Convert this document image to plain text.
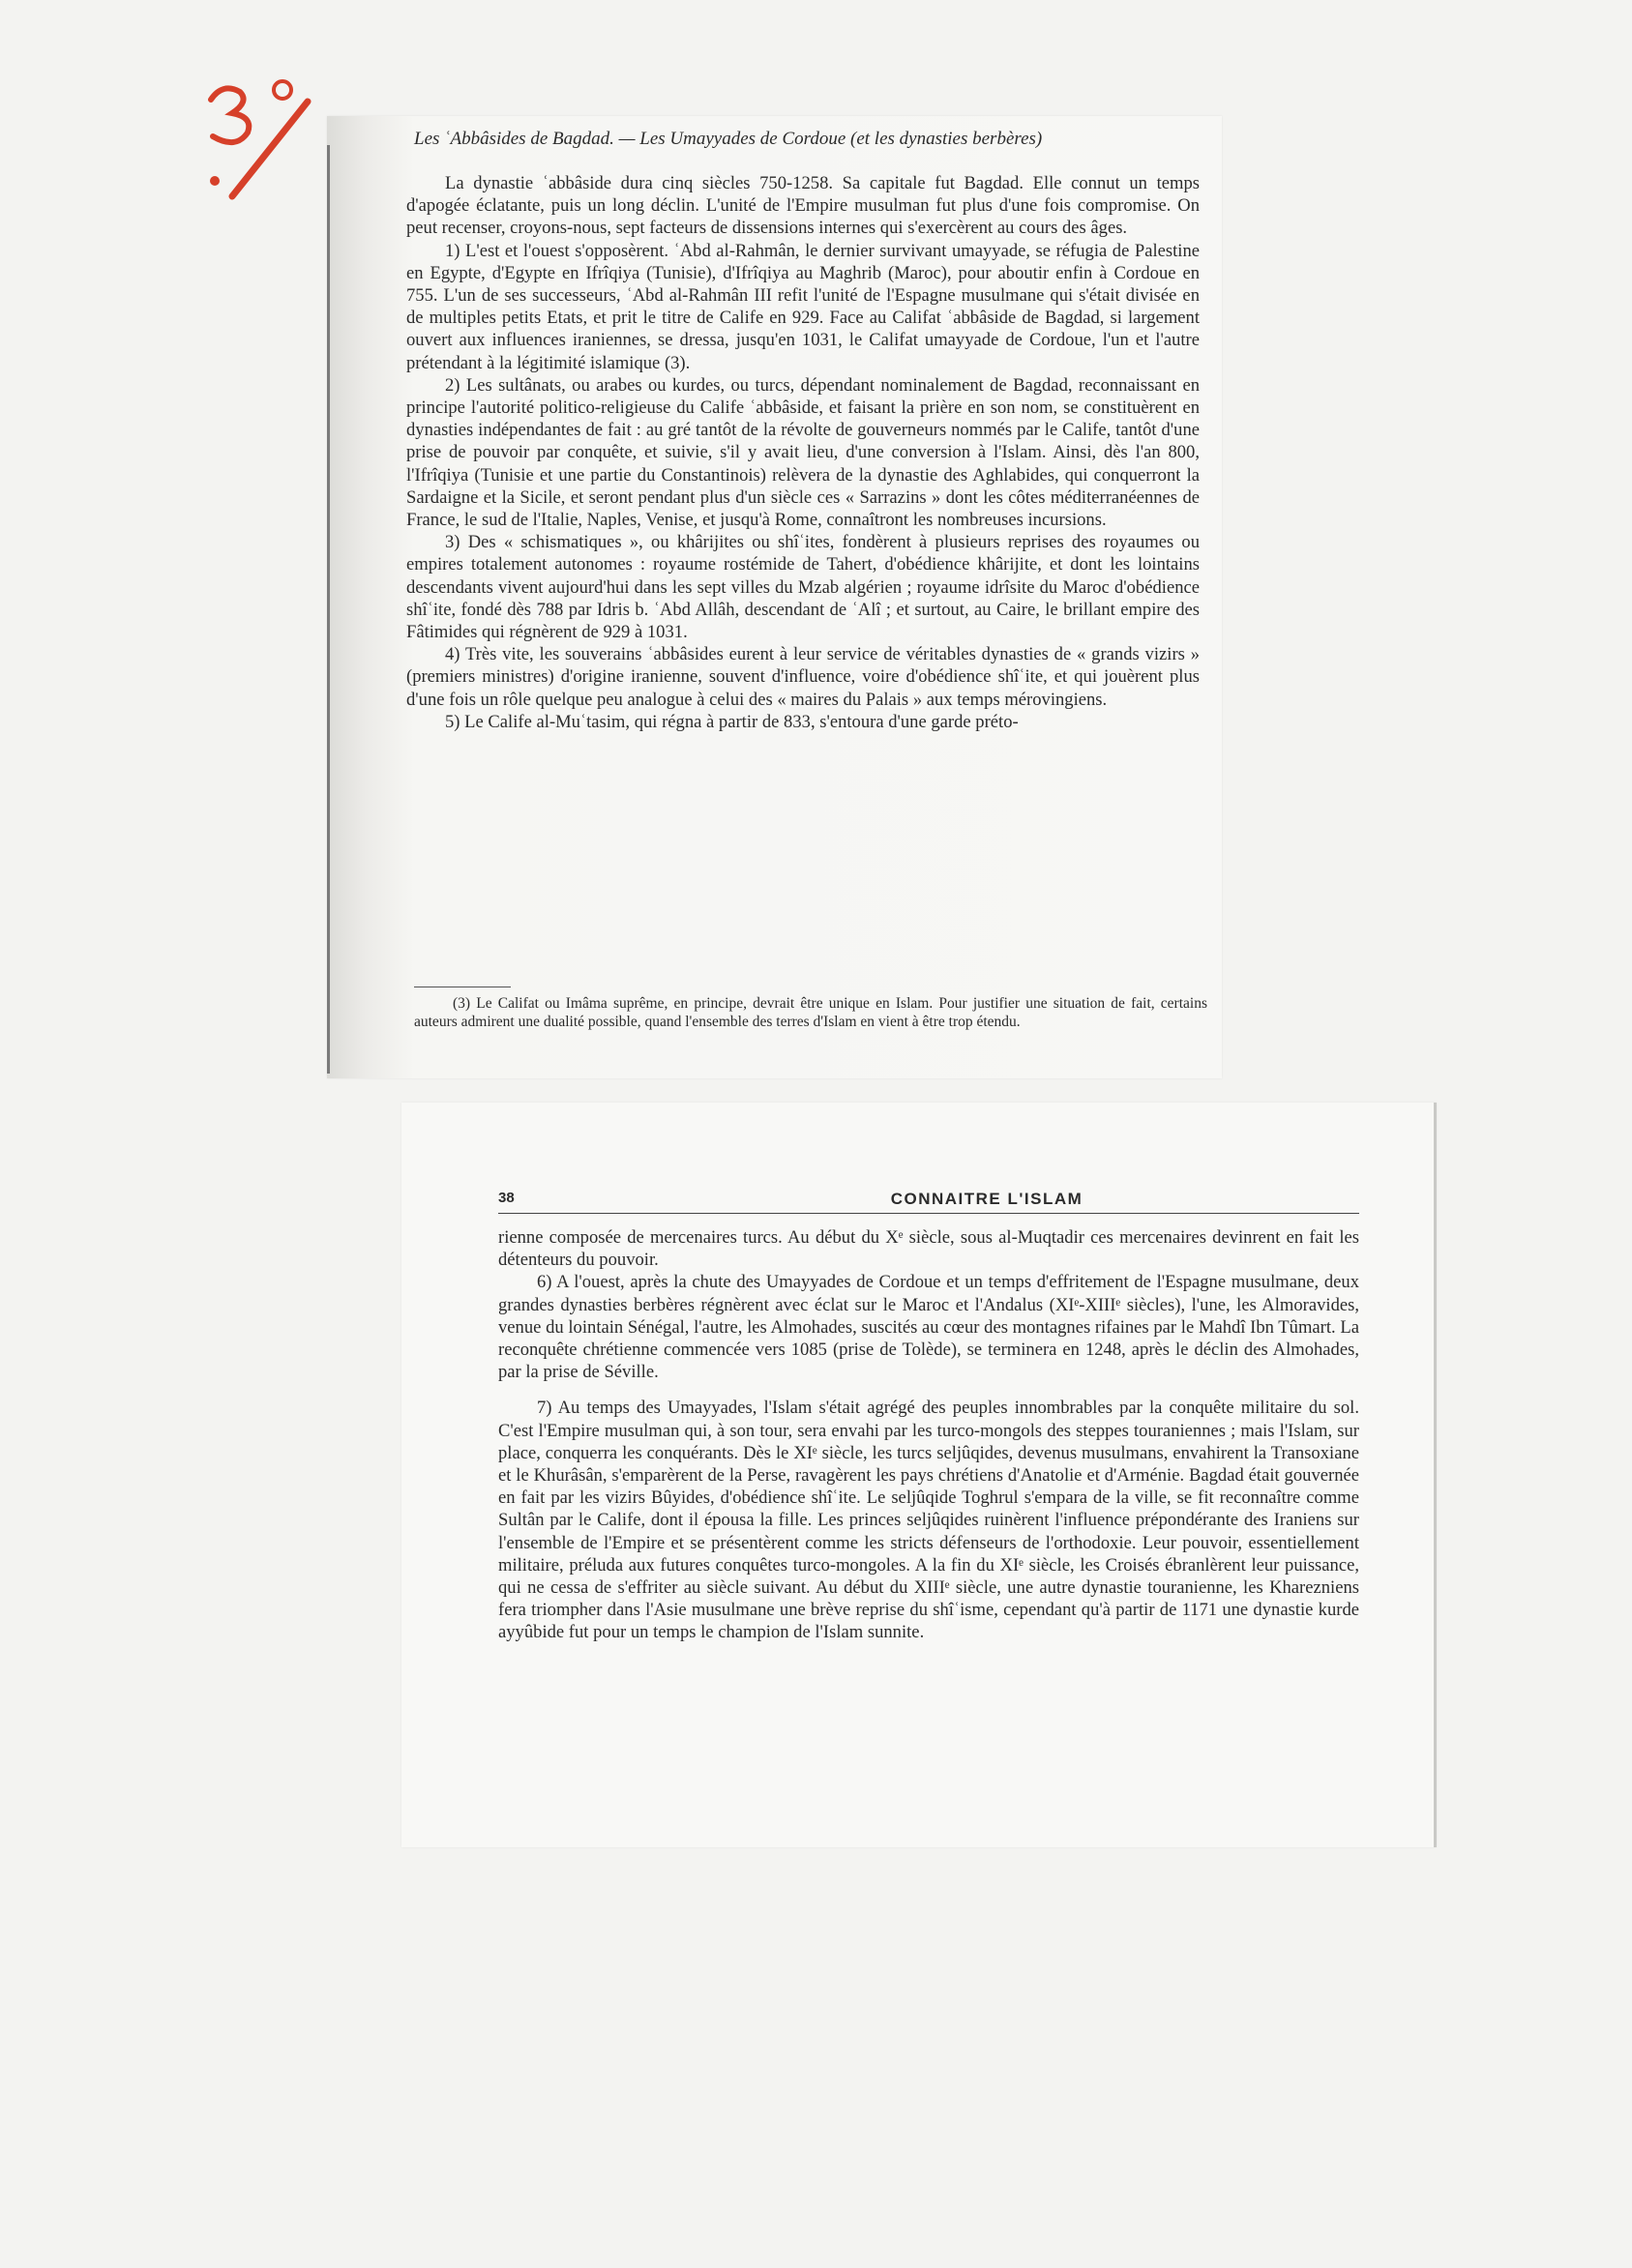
Les ʿAbbâsides de Bagdad. — Les Umayyades de Cordoue (et les dynasties berbères)

La dynastie ʿabbâside dura cinq siècles 750-1258. Sa capitale fut Bagdad. Elle connut un temps d'apogée éclatante, puis un long déclin. L'unité de l'Empire musulman fut plus d'une fois compromise. On peut recenser, croyons-nous, sept facteurs de dissensions internes qui s'exercèrent au cours des âges.

1) L'est et l'ouest s'opposèrent. ʿAbd al-Rahmân, le dernier survivant umayyade, se réfugia de Palestine en Egypte, d'Egypte en Ifrîqiya (Tunisie), d'Ifrîqiya au Maghrib (Maroc), pour aboutir enfin à Cordoue en 755. L'un de ses successeurs, ʿAbd al-Rahmân III refit l'unité de l'Espagne musulmane qui s'était divisée en de multiples petits Etats, et prit le titre de Calife en 929. Face au Califat ʿabbâside de Bagdad, si largement ouvert aux influences iraniennes, se dressa, jusqu'en 1031, le Califat umayyade de Cordoue, l'un et l'autre prétendant à la légitimité islamique (3).

2) Les sultânats, ou arabes ou kurdes, ou turcs, dépendant nominalement de Bagdad, reconnaissant en principe l'autorité politico-religieuse du Calife ʿabbâside, et faisant la prière en son nom, se constituèrent en dynasties indépendantes de fait : au gré tantôt de la révolte de gouverneurs nommés par le Calife, tantôt d'une prise de pouvoir par conquête, et suivie, s'il y avait lieu, d'une conversion à l'Islam. Ainsi, dès l'an 800, l'Ifrîqiya (Tunisie et une partie du Constantinois) relèvera de la dynastie des Aghlabides, qui conquerront la Sardaigne et la Sicile, et seront pendant plus d'un siècle ces « Sarrazins » dont les côtes méditerranéennes de France, le sud de l'Italie, Naples, Venise, et jusqu'à Rome, connaîtront les nombreuses incursions.

3) Des « schismatiques », ou khârijites ou shîʿites, fondèrent à plusieurs reprises des royaumes ou empires totalement autonomes : royaume rostémide de Tahert, d'obédience khârijite, et dont les lointains descendants vivent aujourd'hui dans les sept villes du Mzab algérien ; royaume idrîsite du Maroc d'obédience shîʿite, fondé dès 788 par Idris b. ʿAbd Allâh, descendant de ʿAlî ; et surtout, au Caire, le brillant empire des Fâtimides qui régnèrent de 929 à 1031.

4) Très vite, les souverains ʿabbâsides eurent à leur service de véritables dynasties de « grands vizirs » (premiers ministres) d'origine iranienne, souvent d'influence, voire d'obédience shîʿite, et qui jouèrent plus d'une fois un rôle quelque peu analogue à celui des « maires du Palais » aux temps mérovingiens.

5) Le Calife al-Muʿtasim, qui régna à partir de 833, s'entoura d'une garde préto-

(3) Le Califat ou Imâma suprême, en principe, devrait être unique en Islam. Pour justifier une situation de fait, certains auteurs admirent une dualité possible, quand l'ensemble des terres d'Islam en vient à être trop étendu.

38	CONNAITRE L'ISLAM

rienne composée de mercenaires turcs. Au début du Xᵉ siècle, sous al-Muqtadir ces mercenaires devinrent en fait les détenteurs du pouvoir.

6) A l'ouest, après la chute des Umayyades de Cordoue et un temps d'effritement de l'Espagne musulmane, deux grandes dynasties berbères régnèrent avec éclat sur le Maroc et l'Andalus (XIᵉ-XIIIᵉ siècles), l'une, les Almoravides, venue du lointain Sénégal, l'autre, les Almohades, suscités au cœur des montagnes rifaines par le Mahdî Ibn Tûmart. La reconquête chrétienne commencée vers 1085 (prise de Tolède), se terminera en 1248, après le déclin des Almohades, par la prise de Séville.

7) Au temps des Umayyades, l'Islam s'était agrégé des peuples innombrables par la conquête militaire du sol. C'est l'Empire musulman qui, à son tour, sera envahi par les turco-mongols des steppes touraniennes ; mais l'Islam, sur place, conquerra les conquérants. Dès le XIᵉ siècle, les turcs seljûqides, devenus musulmans, envahirent la Transoxiane et le Khurâsân, s'emparèrent de la Perse, ravagèrent les pays chrétiens d'Anatolie et d'Arménie. Bagdad était gouvernée en fait par les vizirs Bûyides, d'obédience shîʿite. Le seljûqide Toghrul s'empara de la ville, se fit reconnaître comme Sultân par le Calife, dont il épousa la fille. Les princes seljûqides ruinèrent l'influence prépondérante des Iraniens sur l'ensemble de l'Empire et se présentèrent comme les stricts défenseurs de l'orthodoxie. Leur pouvoir, essentiellement militaire, préluda aux futures conquêtes turco-mongoles. A la fin du XIᵉ siècle, les Croisés ébranlèrent leur puissance, qui ne cessa de s'effriter au siècle suivant. Au début du XIIIᵉ siècle, une autre dynastie touranienne, les Kharezniens fera triompher dans l'Asie musulmane une brève reprise du shîʿisme, cependant qu'à partir de 1171 une dynastie kurde ayyûbide fut pour un temps le champion de l'Islam sunnite.
